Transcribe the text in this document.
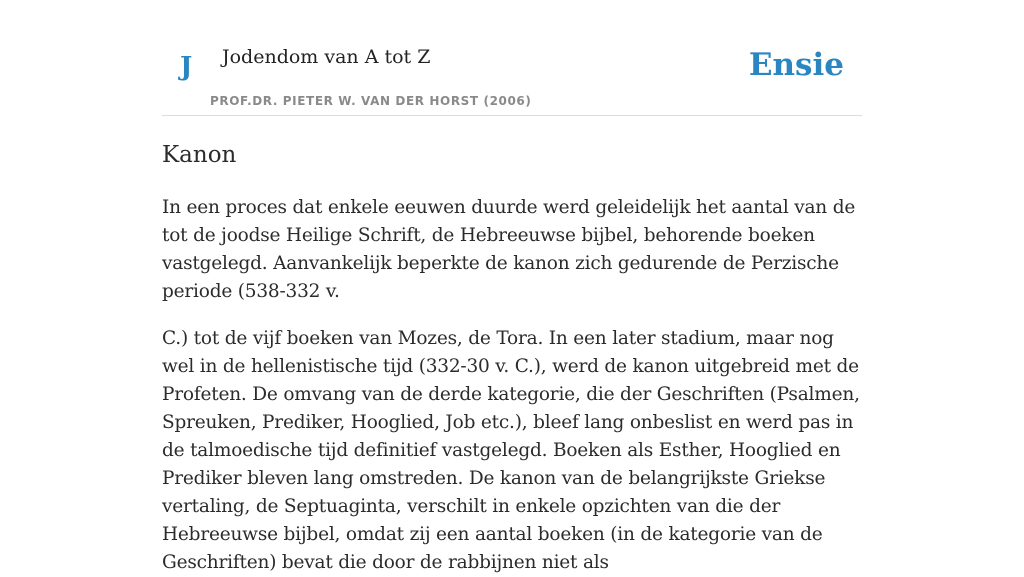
J Jodendom van A tot Z
PROF.DR. PIETER W. VAN DER HORST (2006)
Ensie
Kanon

In een proces dat enkele eeuwen duurde werd geleidelijk het aantal van de tot de joodse Heilige Schrift, de Hebreeuwse bijbel, behorende boeken vastgelegd. Aanvankelijk beperkte de kanon zich gedurende de Perzische periode (538-332 v.

C.) tot de vijf boeken van Mozes, de Tora. In een later stadium, maar nog wel in de hellenistische tijd (332-30 v. C.), werd de kanon uitgebreid met de Profeten. De omvang van de derde kategorie, die der Geschriften (Psalmen, Spreuken, Prediker, Hooglied, Job etc.), bleef lang onbeslist en werd pas in de talmoedische tijd definitief vastgelegd. Boeken als Esther, Hooglied en Prediker bleven lang omstreden. De kanon van de belangrijkste Griekse vertaling, de Septuaginta, verschilt in enkele opzichten van die der Hebreeuwse bijbel, omdat zij een aantal boeken (in de kategorie van de Geschriften) bevat die door de rabbijnen niet als
